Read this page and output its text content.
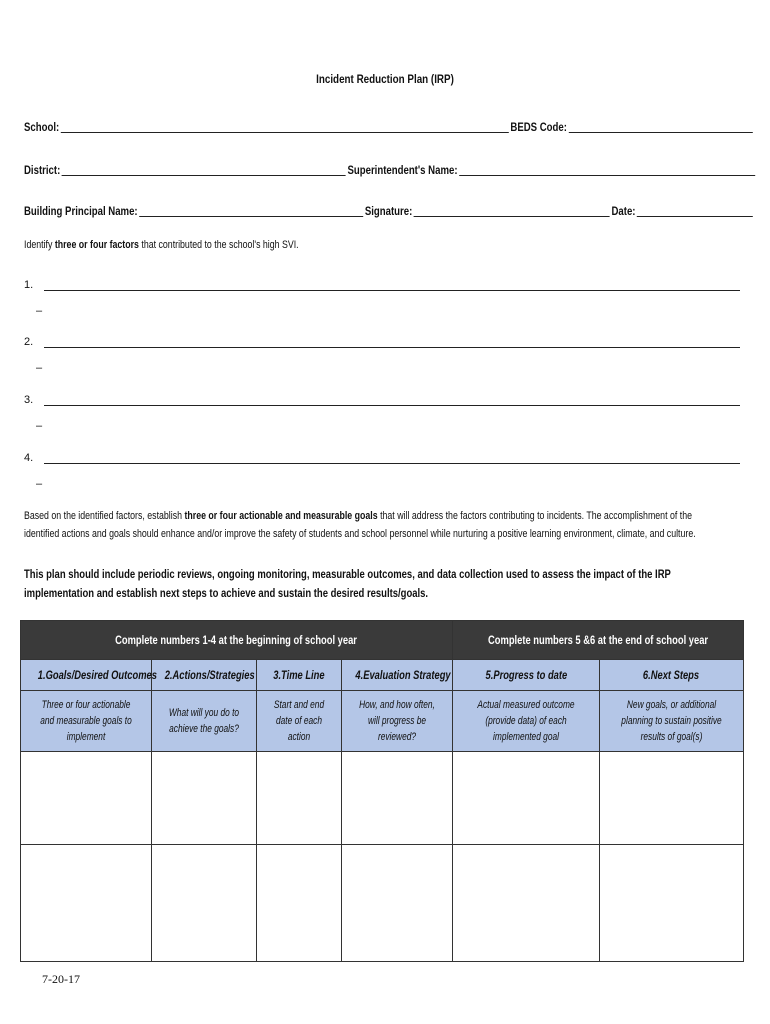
Incident Reduction Plan (IRP)
School:	BEDS Code:
District:	Superintendent's Name:
Building Principal Name:	Signature:	Date:
Identify three or four factors that contributed to the school's high SVI.
1.
–
2.
–
3.
–
4.
–
Based on the identified factors, establish three or four actionable and measurable goals that will address the factors contributing to incidents. The accomplishment of the identified actions and goals should enhance and/or improve the safety of students and school personnel while nurturing a positive learning environment, climate, and culture.
This plan should include periodic reviews, ongoing monitoring, measurable outcomes, and data collection used to assess the impact of the IRP implementation and establish next steps to achieve and sustain the desired results/goals.
Complete numbers 1-4 at the beginning of school year				Complete numbers 5 &6 at the end of school year	
1.Goals/Desired Outcomes	2.Actions/Strategies	3.Time Line	4.Evaluation Strategy	5.Progress to date	6.Next Steps
Three or four actionable and measurable goals to implement	What will you do to achieve the goals?	Start and end date of each action	How, and how often, will progress be reviewed?	Actual measured outcome (provide data) of each implemented goal	New goals, or additional planning to sustain positive results of goal(s)

7-20-17
